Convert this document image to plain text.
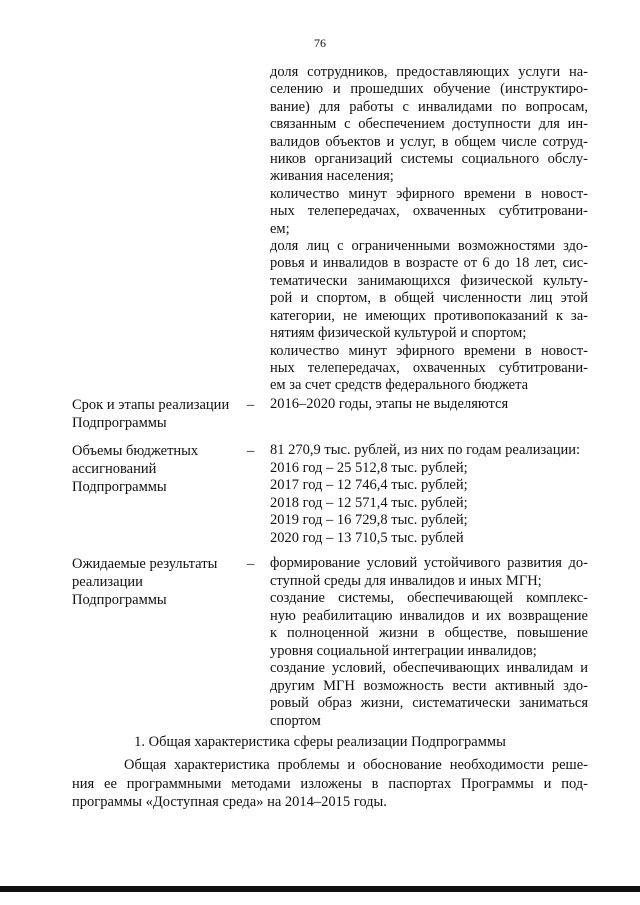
76
доля сотрудников, предоставляющих услуги на-
селению и прошедших обучение (инструктиро-
вание) для работы с инвалидами по вопросам,
связанным с обеспечением доступности для ин-
валидов объектов и услуг, в общем числе сотруд-
ников организаций системы социального обслу-
живания населения;
количество минут эфирного времени в новост-
ных телепередачах, охваченных субтитровани-
ем;
доля лиц с ограниченными возможностями здо-
ровья и инвалидов в возрасте от 6 до 18 лет, сис-
тематически занимающихся физической культу-
рой и спортом, в общей численности лиц этой
категории, не имеющих противопоказаний к за-
нятиям физической культурой и спортом;
количество минут эфирного времени в новост-
ных телепередачах, охваченных субтитровани-
ем за счет средств федерального бюджета
Срок и этапы реализации Подпрограммы
– 2016–2020 годы, этапы не выделяются
Объемы бюджетных ассигнований Подпрограммы
– 81 270,9 тыс. рублей, из них по годам реализации:
2016 год – 25 512,8 тыс. рублей;
2017 год – 12 746,4 тыс. рублей;
2018 год – 12 571,4 тыс. рублей;
2019 год – 16 729,8 тыс. рублей;
2020 год – 13 710,5 тыс. рублей
Ожидаемые результаты реализации Подпрограммы
– формирование условий устойчивого развития до-
ступной среды для инвалидов и иных МГН;
создание системы, обеспечивающей комплекс-
ную реабилитацию инвалидов и их возвращение
к полноценной жизни в обществе, повышение
уровня социальной интеграции инвалидов;
создание условий, обеспечивающих инвалидам и
другим МГН возможность вести активный здо-
ровый образ жизни, систематически заниматься
спортом
1. Общая характеристика сферы реализации Подпрограммы
Общая характеристика проблемы и обоснование необходимости реше-
ния ее программными методами изложены в паспортах Программы и под-
программы «Доступная среда» на 2014–2015 годы.
